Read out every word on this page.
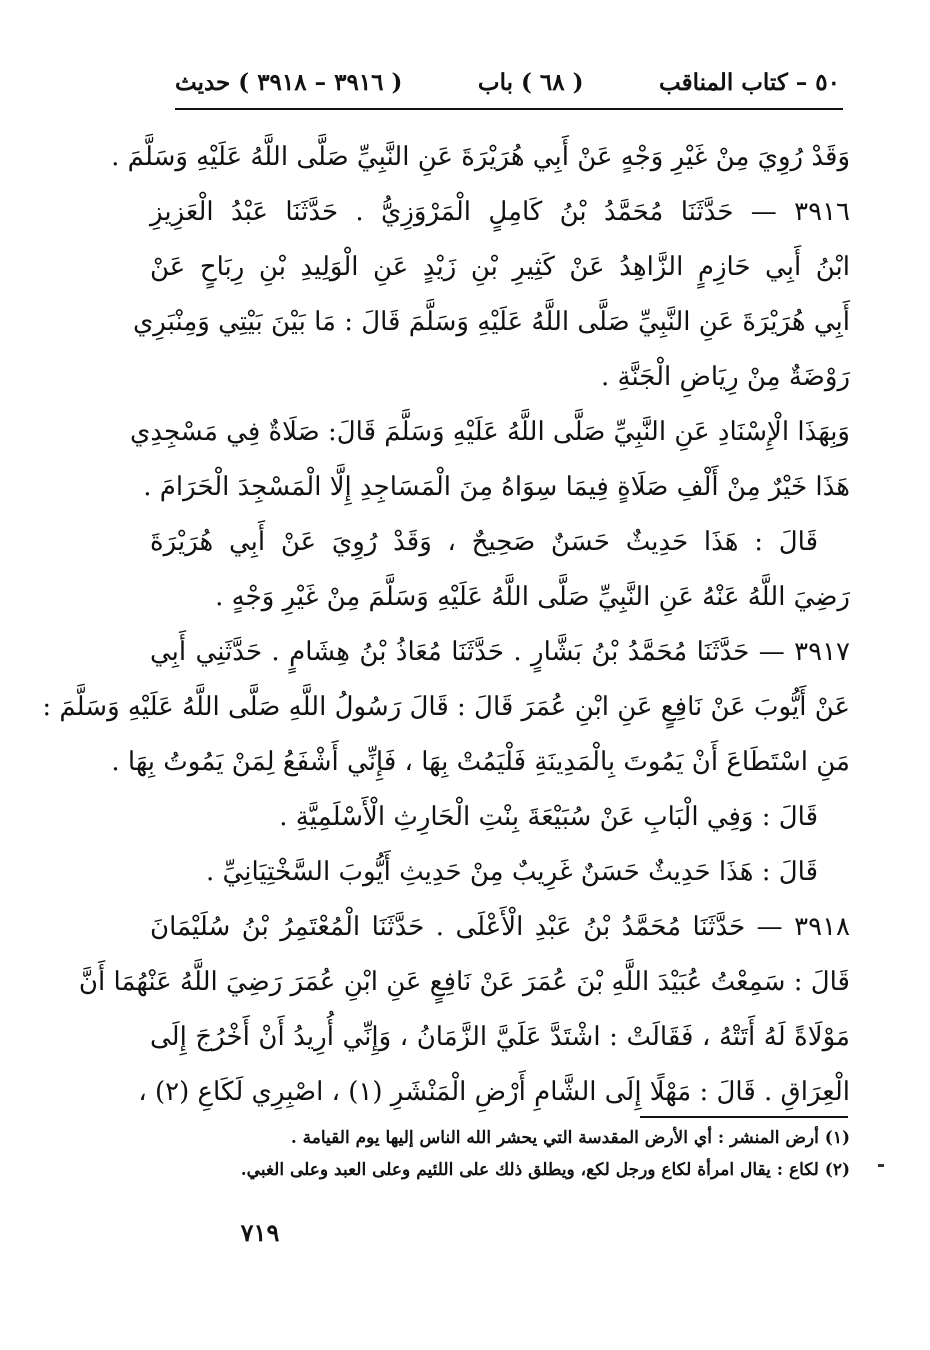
٥٠ – كتاب المناقب
( ٦٨ ) باب
( ٣٩١٦ – ٣٩١٨ ) حديث
وَقَدْ رُوِيَ مِنْ غَيْرِ وَجْهٍ عَنْ أَبِي هُرَيْرَةَ عَنِ النَّبِيِّ صَلَّى اللَّهُ عَلَيْهِ وَسَلَّمَ .
٣٩١٦ — حَدَّثَنَا مُحَمَّدُ بْنُ كَامِلٍ الْمَرْوَزِيُّ . حَدَّثَنَا عَبْدُ الْعَزِيزِ
ابْنُ أَبِي حَازِمٍ الزَّاهِدُ عَنْ كَثِيرِ بْنِ زَيْدٍ عَنِ الْوَلِيدِ بْنِ رِبَاحٍ عَنْ
أَبِي هُرَيْرَةَ عَنِ النَّبِيِّ صَلَّى اللَّهُ عَلَيْهِ وَسَلَّمَ قَالَ : مَا بَيْنَ بَيْتِي وَمِنْبَرِي
رَوْضَةٌ مِنْ رِيَاضِ الْجَنَّةِ .
وَبِهَذَا الْإِسْنَادِ عَنِ النَّبِيِّ صَلَّى اللَّهُ عَلَيْهِ وَسَلَّمَ قَالَ: صَلَاةٌ فِي مَسْجِدِي
هَذَا خَيْرٌ مِنْ أَلْفِ صَلَاةٍ فِيمَا سِوَاهُ مِنَ الْمَسَاجِدِ إِلَّا الْمَسْجِدَ الْحَرَامَ .
قَالَ : هَذَا حَدِيثٌ حَسَنٌ صَحِيحٌ ، وَقَدْ رُوِيَ عَنْ أَبِي هُرَيْرَةَ
رَضِيَ اللَّهُ عَنْهُ عَنِ النَّبِيِّ صَلَّى اللَّهُ عَلَيْهِ وَسَلَّمَ مِنْ غَيْرِ وَجْهٍ .
٣٩١٧ — حَدَّثَنَا مُحَمَّدُ بْنُ بَشَّارٍ . حَدَّثَنَا مُعَاذُ بْنُ هِشَامٍ . حَدَّثَنِي أَبِي
عَنْ أَيُّوبَ عَنْ نَافِعٍ عَنِ ابْنِ عُمَرَ قَالَ : قَالَ رَسُولُ اللَّهِ صَلَّى اللَّهُ عَلَيْهِ وَسَلَّمَ :
مَنِ اسْتَطَاعَ أَنْ يَمُوتَ بِالْمَدِينَةِ فَلْيَمُتْ بِهَا ، فَإِنِّي أَشْفَعُ لِمَنْ يَمُوتُ بِهَا .
قَالَ : وَفِي الْبَابِ عَنْ سُبَيْعَةَ بِنْتِ الْحَارِثِ الْأَسْلَمِيَّةِ .
قَالَ : هَذَا حَدِيثٌ حَسَنٌ غَرِيبٌ مِنْ حَدِيثِ أَيُّوبَ السَّخْتِيَانِيِّ .
٣٩١٨ — حَدَّثَنَا مُحَمَّدُ بْنُ عَبْدِ الْأَعْلَى . حَدَّثَنَا الْمُعْتَمِرُ بْنُ سُلَيْمَانَ
قَالَ : سَمِعْتُ عُبَيْدَ اللَّهِ بْنَ عُمَرَ عَنْ نَافِعٍ عَنِ ابْنِ عُمَرَ رَضِيَ اللَّهُ عَنْهُمَا أَنَّ
مَوْلَاةً لَهُ أَتَتْهُ ، فَقَالَتْ : اشْتَدَّ عَلَيَّ الزَّمَانُ ، وَإِنِّي أُرِيدُ أَنْ أَخْرُجَ إِلَى
الْعِرَاقِ . قَالَ : مَهْلًا إِلَى الشَّامِ أَرْضِ الْمَنْشَرِ (١) ، اصْبِرِي لَكَاعِ (٢) ،
(١) أرض المنشر : أي الأرض المقدسة التي يحشر الله الناس إليها يوم القيامة .
(٢) لكاع : يقال امرأة لكاع ورجل لكع، ويطلق ذلك على اللئيم وعلى العبد وعلى الغبي.
٧١٩
